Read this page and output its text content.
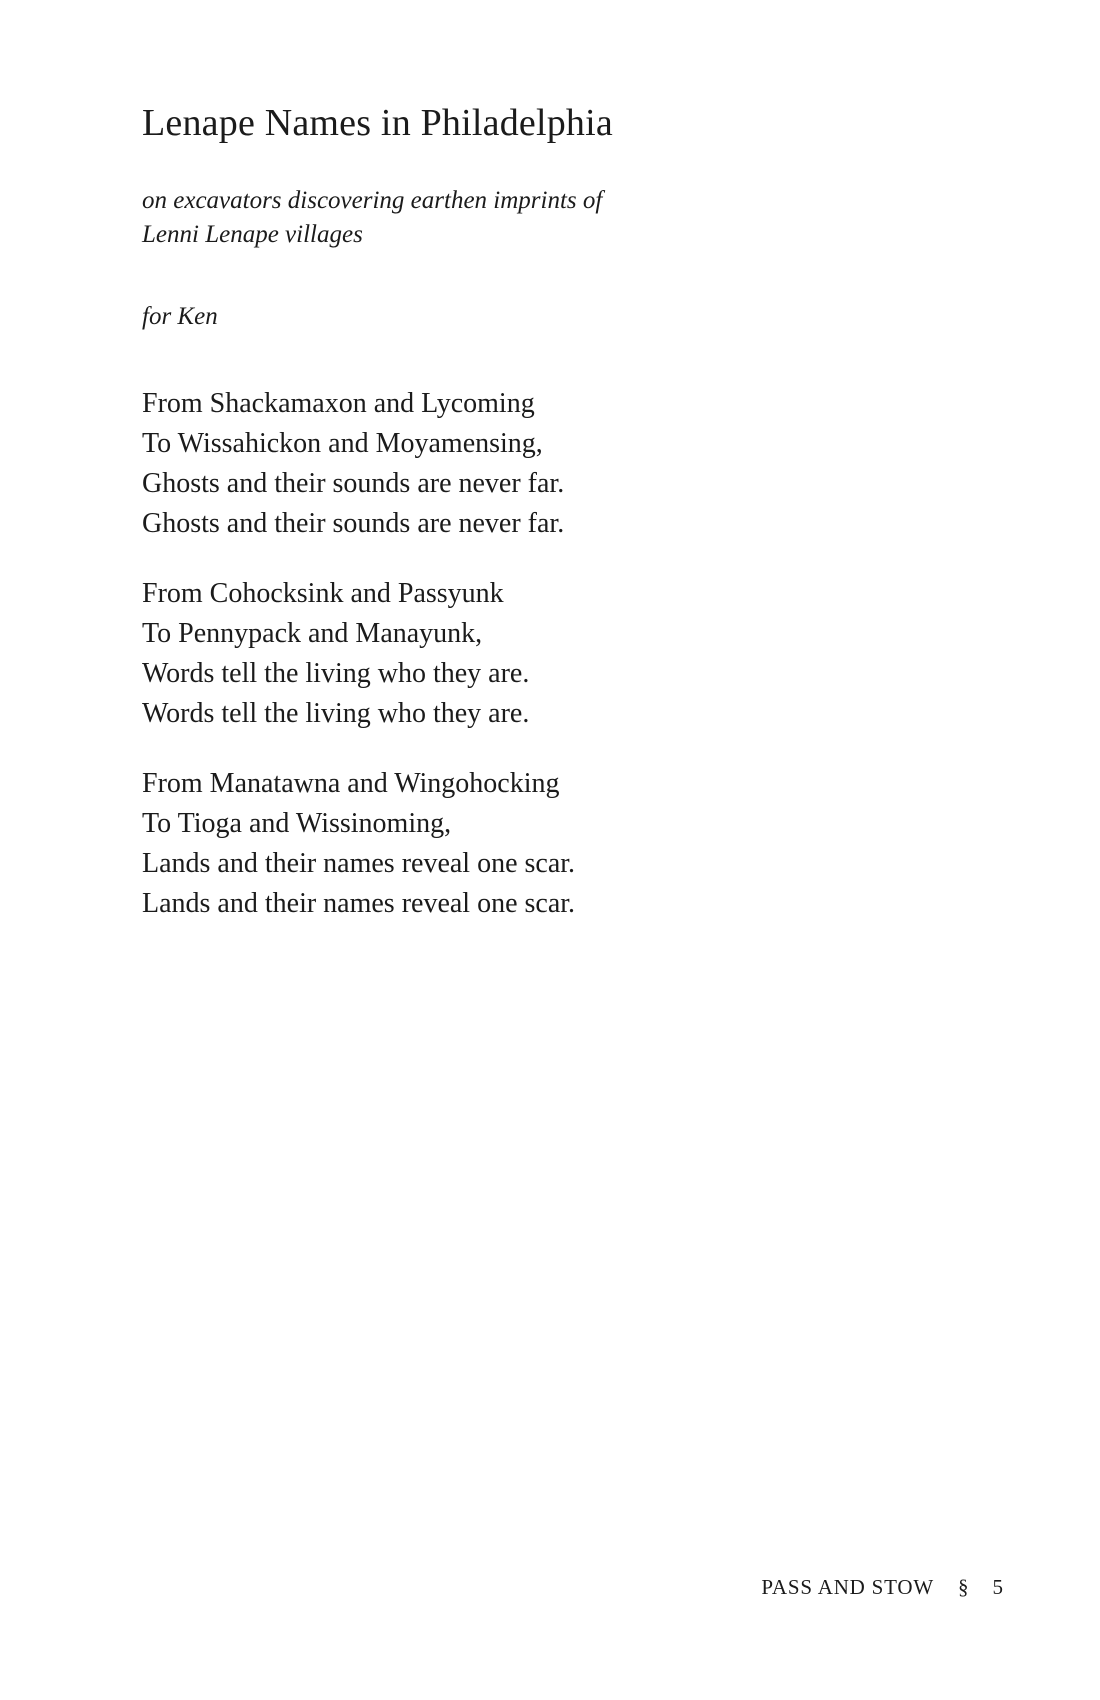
Lenape Names in Philadelphia
on excavators discovering earthen imprints of
Lenni Lenape villages
for Ken
From Shackamaxon and Lycoming
To Wissahickon and Moyamensing,
Ghosts and their sounds are never far.
Ghosts and their sounds are never far.
From Cohocksink and Passyunk
To Pennypack and Manayunk,
Words tell the living who they are.
Words tell the living who they are.
From Manatawna and Wingohocking
To Tioga and Wissinoming,
Lands and their names reveal one scar.
Lands and their names reveal one scar.
PASS AND STOW § 5
